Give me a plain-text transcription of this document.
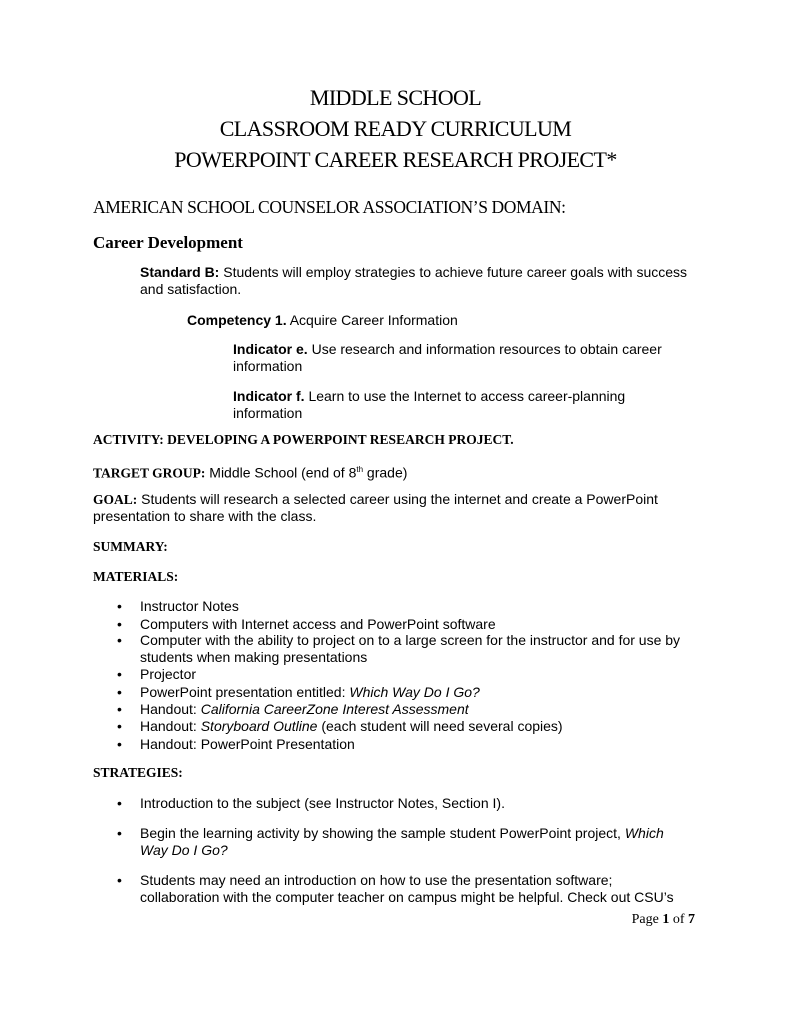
MIDDLE SCHOOL
CLASSROOM READY CURRICULUM
POWERPOINT CAREER RESEARCH PROJECT*
AMERICAN SCHOOL COUNSELOR ASSOCIATION’S DOMAIN:
Career Development
Standard B: Students will employ strategies to achieve future career goals with success
and satisfaction.
Competency 1. Acquire Career Information
Indicator e. Use research and information resources to obtain career
information
Indicator f. Learn to use the Internet to access career-planning
information
ACTIVITY: DEVELOPING A POWERPOINT RESEARCH PROJECT.
TARGET GROUP: Middle School (end of 8th grade)
GOAL: Students will research a selected career using the internet and create a PowerPoint
presentation to share with the class.
SUMMARY:
MATERIALS:
• Instructor Notes
• Computers with Internet access and PowerPoint software
• Computer with the ability to project on to a large screen for the instructor and for use by
students when making presentations
• Projector
• PowerPoint presentation entitled: Which Way Do I Go?
• Handout: California CareerZone Interest Assessment
• Handout: Storyboard Outline (each student will need several copies)
• Handout: PowerPoint Presentation
STRATEGIES:
• Introduction to the subject (see Instructor Notes, Section I).
• Begin the learning activity by showing the sample student PowerPoint project, Which
Way Do I Go?
• Students may need an introduction on how to use the presentation software;
collaboration with the computer teacher on campus might be helpful. Check out CSU’s
Page 1 of 7
